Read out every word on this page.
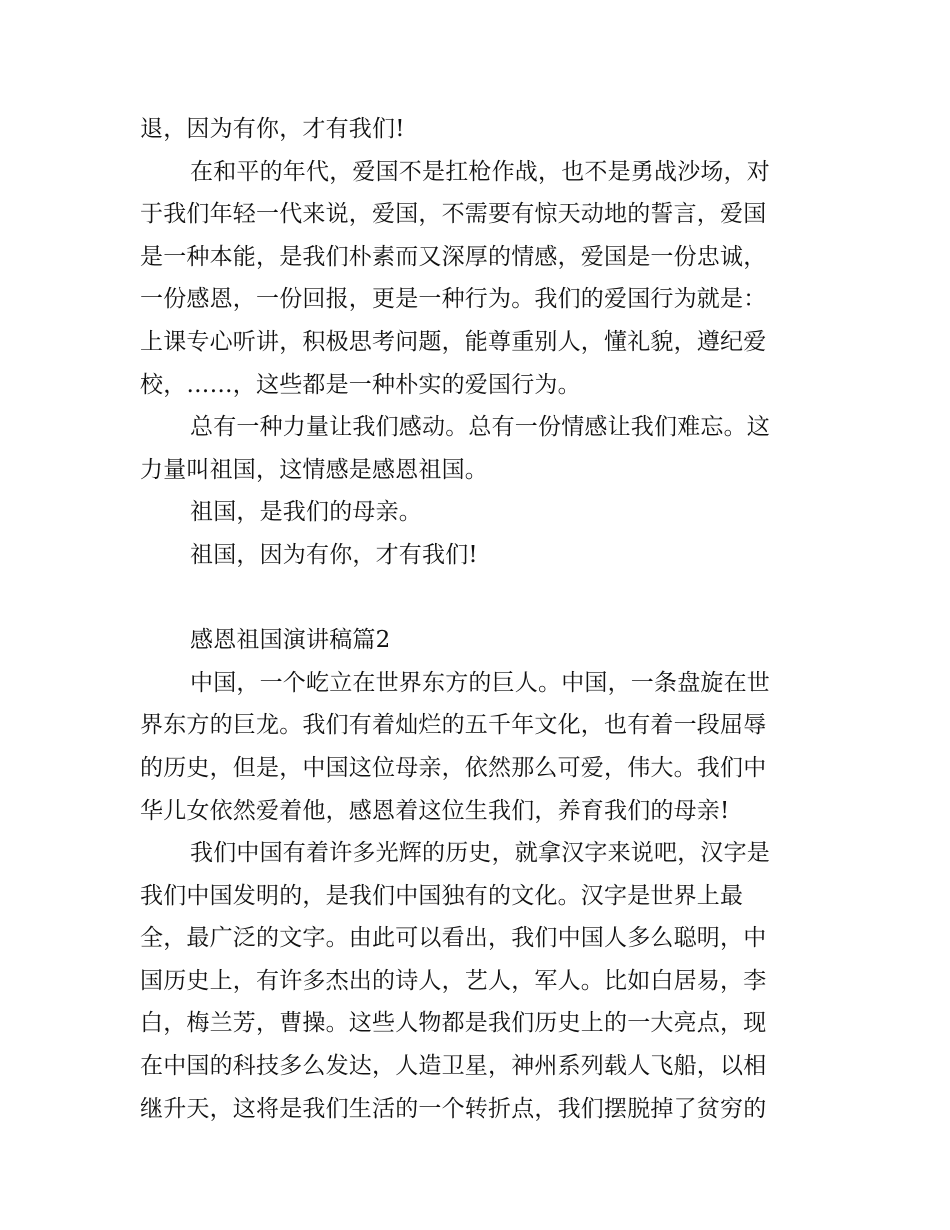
退，因为有你，才有我们!
在和平的年代，爱国不是扛枪作战，也不是勇战沙场，对
于我们年轻一代来说，爱国，不需要有惊天动地的誓言，爱国
是一种本能，是我们朴素而又深厚的情感，爱国是一份忠诚，
一份感恩，一份回报，更是一种行为。我们的爱国行为就是：
上课专心听讲，积极思考问题，能尊重别人，懂礼貌，遵纪爱
校，……，这些都是一种朴实的爱国行为。
总有一种力量让我们感动。总有一份情感让我们难忘。这
力量叫祖国，这情感是感恩祖国。
祖国，是我们的母亲。
祖国，因为有你，才有我们!
感恩祖国演讲稿篇2
中国，一个屹立在世界东方的巨人。中国，一条盘旋在世
界东方的巨龙。我们有着灿烂的五千年文化，也有着一段屈辱
的历史，但是，中国这位母亲，依然那么可爱，伟大。我们中
华儿女依然爱着他，感恩着这位生我们，养育我们的母亲!
我们中国有着许多光辉的历史，就拿汉字来说吧，汉字是
我们中国发明的，是我们中国独有的文化。汉字是世界上最
全，最广泛的文字。由此可以看出，我们中国人多么聪明，中
国历史上，有许多杰出的诗人，艺人，军人。比如白居易，李
白，梅兰芳，曹操。这些人物都是我们历史上的一大亮点，现
在中国的科技多么发达，人造卫星，神州系列载人飞船，以相
继升天，这将是我们生活的一个转折点，我们摆脱掉了贫穷的
